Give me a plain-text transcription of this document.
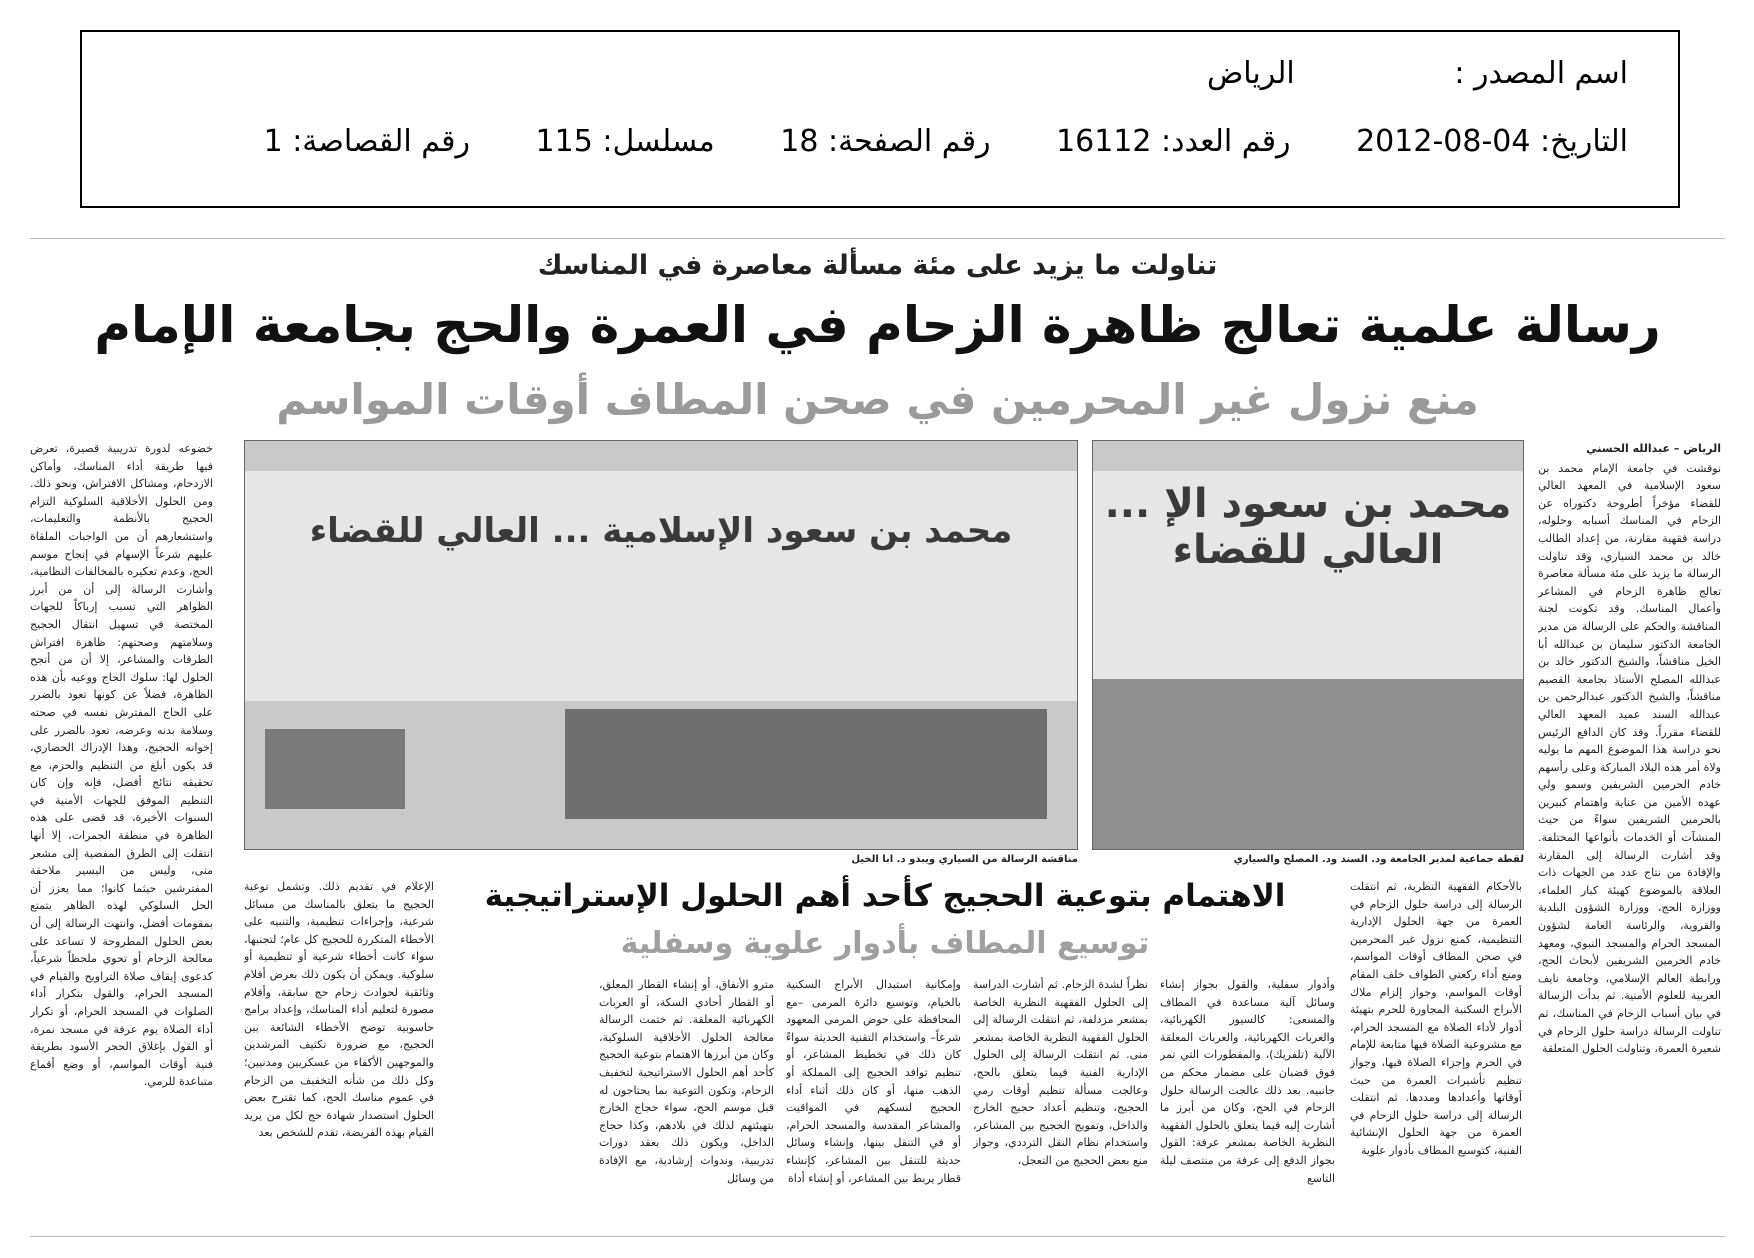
اسم المصدر : الرياض
التاريخ: 04-08-2012 رقم العدد: 16112 رقم الصفحة: 18 مسلسل: 115 رقم القصاصة: 1
تناولت ما يزيد على مئة مسألة معاصرة في المناسك
رسالة علمية تعالج ظاهرة الزحام في العمرة والحج بجامعة الإمام
منع نزول غير المحرمين في صحن المطاف أوقات المواسم
الرياض – عبدالله الحسني

نوقشت في جامعة الإمام محمد بن سعود الإسلامية في المعهد العالي للقضاء مؤخراً أطروحة دكتوراه عن الزحام في المناسك أسبابه وحلوله، دراسة فقهية مقارنة، من إعداد الطالب خالد بن محمد السياري، وقد تناولت الرسالة ما يزيد على مئة مسألة معاصرة تعالج ظاهرة الزحام في المشاعر وأعمال المناسك. وقد تكونت لجنة المناقشة والحكم على الرسالة من مدير الجامعة الدكتور سليمان بن عبدالله أبا الخيل مناقشاً، والشيخ الدكتور خالد بن عبدالله المصلح الأستاذ بجامعة القصيم مناقشاً، والشيخ الدكتور عبدالرحمن بن عبدالله السند عميد المعهد العالي للقضاء مقرراً. وقد كان الدافع الرئيس نحو دراسة هذا الموضوع المهم ما يوليه ولاة أمر هذه البلاد المباركة وعلى رأسهم خادم الحرمين الشريفين وسمو ولي عهده الأمين من عناية واهتمام كبيرين بالحرمين الشريفين سواءً من حيث المنشآت أو الخدمات بأنواعها المختلفة. وقد أشارت الرسالة إلى المقارنة والإفادة من نتاج عدد من الجهات ذات العلاقة بالموضوع كهيئة كبار العلماء، ووزارة الحج، ووزارة الشؤون البلدية والقروية، والرئاسة العامة لشؤون المسجد الحرام والمسجد النبوي، ومعهد خادم الحرمين الشريفين لأبحاث الحج، ورابطة العالم الإسلامي، وجامعة نايف العربية للعلوم الأمنية. ثم بدأت الرسالة في بيان أسباب الزحام في المناسك، ثم تناولت الرسالة دراسة حلول الزحام في شعيرة العمرة، وتناولت الحلول المتعلقة

خضوعه لدورة تدريبية قصيرة، تعرض فيها طريقة أداء المناسك، وأماكن الازدحام، ومشاكل الافتراش، ونحو ذلك. ومن الحلول الأخلاقية السلوكية التزام الحجيج بالأنظمة والتعليمات، واستشعارهم أن من الواجبات الملقاة عليهم شرعاً الإسهام في إنجاح موسم الحج، وعدم تعكيره بالمخالفات النظامية، وأشارت الرسالة إلى أن من أبرز الظواهر التي تسبب إرباكاً للجهات المختصة في تسهيل انتقال الحجيج وسلامتهم وصحتهم: ظاهرة افتراش الطرقات والمشاعر، إلا أن من أنجح الحلول لها: سلوك الحاج ووعيه بأن هذه الظاهرة، فضلاً عن كونها تعود بالضرر على الحاج المفترش نفسه في صحته وسلامة بدنه وعرضه، تعود بالضرر على إخوانه الحجيج، وهذا الإدراك الحضاري، قد يكون أبلغ من التنظيم والحزم، مع تحقيقه نتائج أفضل، فإنه وإن كان التنظيم الموفق للجهات الأمنية في السنوات الأخيرة، قد قضى على هذه الظاهرة في منطقة الجمرات، إلا أنها انتقلت إلى الطرق المفضية إلى مشعر منى، وليس من اليسير ملاحقة المفترشين حيثما كانوا؛ مما يعزز أن الحل السلوكي لهذه الظاهر يتمتع بمقومات أفضل، وانتهت الرسالة إلى أن بعض الحلول المطروحة لا تساعد على معالجة الزحام أو تحوي ملحظاً شرعياً، كدعوى إيقاف صلاة التراويح والقيام في المسجد الحرام، والقول بتكرار أداء الصلوات في المسجد الحرام، أو تكرار أداء الصلاة يوم عرفة في مسجد نمرة، أو القول بإغلاق الحجر الأسود بطريقة فنية أوقات المواسم، أو وضع أقماع متباعدة للرمي.

محمد بن سعود الإ ... العالي للقضاء
لقطة جماعية لمدير الجامعة ود. السند ود. المصلح والسياري
محمد بن سعود الإسلامية ... العالي للقضاء
مناقشة الرسالة من السياري ويبدو د. ابا الخيل
الاهتمام بتوعية الحجيج كأحد أهم الحلول الإستراتيجية
توسيع المطاف بأدوار علوية وسفلية

بالأحكام الفقهية النظرية، ثم انتقلت الرسالة إلى دراسة حلول الزحام في العمرة من جهة الحلول الإدارية التنظيمية، كمنع نزول غير المحرمين في صحن المطاف أوقات المواسم، ومنع أداء ركعتي الطواف خلف المقام أوقات المواسم، وجواز إلزام ملاك الأبراج السكنية المجاورة للحرم بتهيئة أدوار لأداء الصلاة مع المسجد الحرام، مع مشروعية الصلاة فيها متابعة للإمام في الحرم وإجزاء الصلاة فيها، وجواز تنظيم تأشيرات العمرة من حيث أوقاتها وأعدادها ومددها. ثم انتقلت الرسالة إلى دراسة حلول الزحام في العمرة من جهة الحلول الإنشائية الفنية، كتوسيع المطاف بأدوار علوية

وأدوار سفلية، والقول بجواز إنشاء وسائل آلية مساعدة في المطاف والمسعى: كالسيور الكهربائية، والعربات الكهربائية، والعربات المعلقة الآلية (تلفريك)، والمقطورات التي تمر فوق قضبان على مضمار محكم من جانبيه. بعد ذلك عالجت الرسالة حلول الزحام في الحج، وكان من أبرز ما أشارت إليه فيما يتعلق بالحلول الفقهية النظرية الخاصة بمشعر عرفة: القول بجواز الدفع إلى عرفة من منتصف ليلة التاسع

نظراً لشدة الزحام. ثم أشارت الدراسة إلى الحلول الفقهية النظرية الخاصة بمشعر مزدلفة، ثم انتقلت الرسالة إلى الحلول الفقهية النظرية الخاصة بمشعر منى. ثم انتقلت الرسالة إلى الحلول الإدارية الفنية فيما يتعلق بالحج، وعالجت مسألة تنظيم أوقات رمي الحجيج، وتنظيم أعداد حجيج الخارج والداخل، وتفويج الحجيج بين المشاعر، واستخدام نظام النقل الترددي، وجواز منع بعض الحجيج من التعجل،

وإمكانية استبدال الأبراج السكنية بالخيام، وتوسيع دائرة المرمى –مع المحافظة على حوض المرمى المعهود شرعاً– واستخدام التقنية الحديثة سواءً كان ذلك في تخطيط المشاعر، أو تنظيم توافد الحجيج إلى المملكة أو الذهب منها، أو كان ذلك أثناء أداء الحجيج لنسكهم في المواقيت والمشاعر المقدسة والمسجد الحرام، أو في التنقل بينها، وإنشاء وسائل حديثة للتنقل بين المشاعر، كإنشاء قطار يربط بين المشاعر، أو إنشاء أداة

مترو الأنفاق، أو إنشاء القطار المعلق، أو القطار أحادي السكة، أو العربات الكهربائية المعلقة. ثم ختمت الرسالة معالجة الحلول الأخلاقية السلوكية، وكان من أبرزها الاهتمام بتوعية الحجيج كأحد أهم الحلول الاستراتيجية لتخفيف الزحام، وتكون التوعية بما يحتاجون له قبل موسم الحج، سواء حجاج الخارج بتهيئتهم لذلك في بلادهم، وكذا حجاج الداخل، ويكون ذلك بعقد دورات تدريبية، وندوات إرشادية، مع الإفادة من وسائل

الإعلام في تقديم ذلك. وتشمل توعية الحجيج ما يتعلق بالمناسك من مسائل شرعية، وإجراءات تنظيمية، والتنبيه على الأخطاء المتكررة للحجيج كل عام؛ لتجنبها، سواء كانت أخطاء شرعية أو تنظيمية أو سلوكية. ويمكن أن يكون ذلك بعرض أفلام وثائقية لحوادث زحام حج سابقة، وأفلام مصورة لتعليم أداء المناسك، وإعداد برامج حاسوبية توضح الأخطاء الشائعة بين الحجيج، مع ضرورة تكثيف المرشدين والموجهين الأكفاء من عسكريين ومدنيين؛ وكل ذلك من شأنه التخفيف من الزحام في عموم مناسك الحج، كما تقترح بعض الحلول استصدار شهادة حج لكل من يريد القيام بهذه الفريضة، تقدم للشخص بعد
